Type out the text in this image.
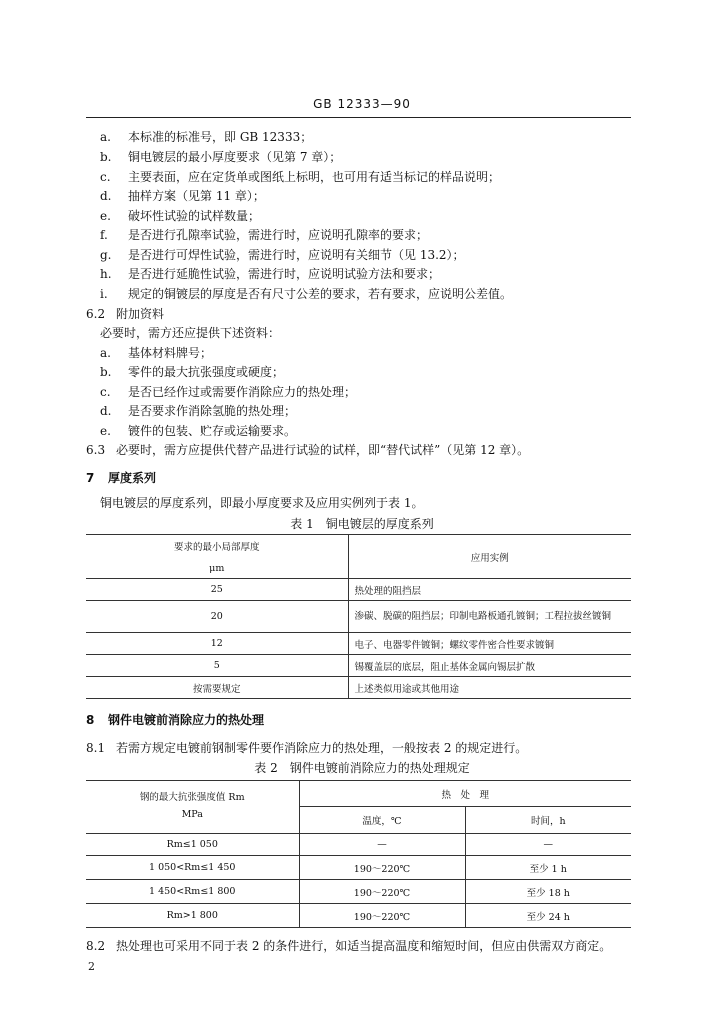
GB 12333—90
a. 本标准的标准号，即 GB 12333；
b. 铜电镀层的最小厚度要求（见第 7 章）；
c. 主要表面，应在定货单或图纸上标明，也可用有适当标记的样品说明；
d. 抽样方案（见第 11 章）；
e. 破坏性试验的试样数量；
f. 是否进行孔隙率试验，需进行时，应说明孔隙率的要求；
g. 是否进行可焊性试验，需进行时，应说明有关细节（见 13.2）；
h. 是否进行延脆性试验，需进行时，应说明试验方法和要求；
i. 规定的铜镀层的厚度是否有尺寸公差的要求，若有要求，应说明公差值。
6.2 附加资料
必要时，需方还应提供下述资料：
a. 基体材料牌号；
b. 零件的最大抗张强度或硬度；
c. 是否已经作过或需要作消除应力的热处理；
d. 是否要求作消除氢脆的热处理；
e. 镀件的包装、贮存或运输要求。
6.3 必要时，需方应提供代替产品进行试验的试样，即“替代试样”（见第 12 章）。
7 厚度系列
铜电镀层的厚度系列，即最小厚度要求及应用实例列于表 1。
表 1　铜电镀层的厚度系列
要求的最小局部厚度
μm	应用实例
25	热处理的阻挡层
20	渗碳、脱碳的阻挡层；印制电路板通孔镀铜；工程拉拔丝镀铜
12	电子、电器零件镀铜；螺纹零件密合性要求镀铜
5	锡覆盖层的底层，阻止基体金属向锡层扩散
按需要规定	上述类似用途或其他用途
8 钢件电镀前消除应力的热处理
8.1 若需方规定电镀前钢制零件要作消除应力的热处理，一般按表 2 的规定进行。
表 2　钢件电镀前消除应力的热处理规定
钢的最大抗张强度值 Rm
MPa	热　处　理	
	温度，℃	时间，h
Rm≤1 050	—	—
1 050<Rm≤1 450	190～220℃	至少 1 h
1 450<Rm≤1 800	190～220℃	至少 18 h
Rm>1 800	190～220℃	至少 24 h
8.2 热处理也可采用不同于表 2 的条件进行，如适当提高温度和缩短时间，但应由供需双方商定。
2
